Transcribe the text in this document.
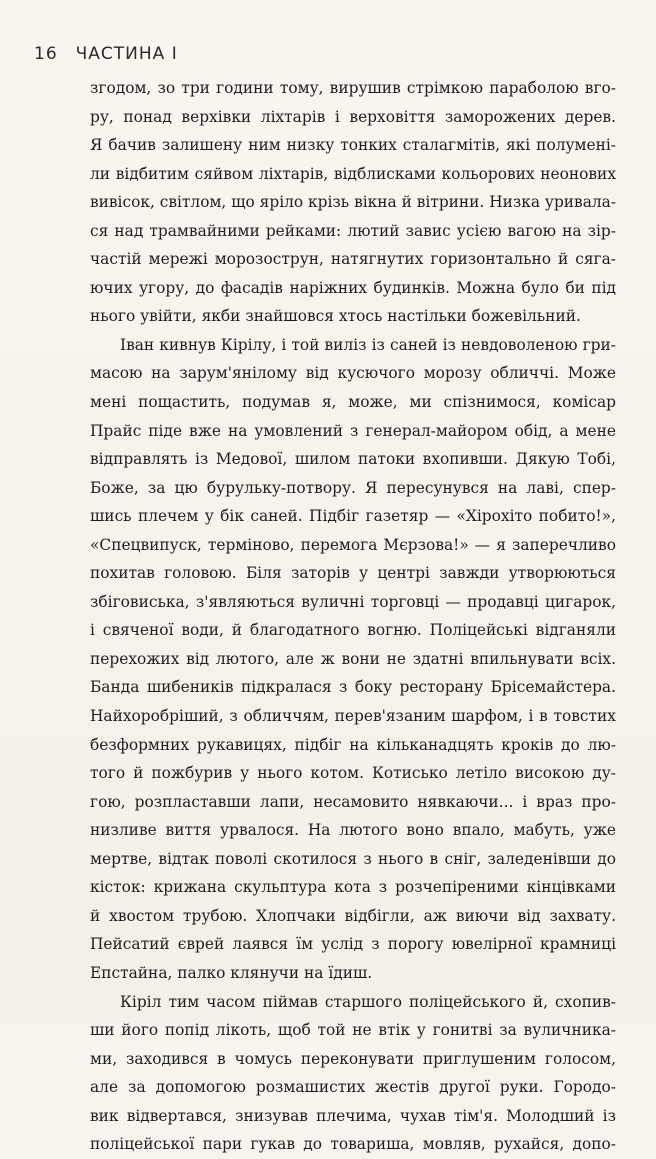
16 ЧАСТИНА І
згодом, зо три години тому, вирушив стрімкою параболою вго-
ру, понад верхівки ліхтарів і верховіття заморожених дерев.
Я бачив залишену ним низку тонких сталагмітів, які полумені-
ли відбитим сяйвом ліхтарів, відблисками кольорових неонових
вивісок, світлом, що яріло крізь вікна й вітрини. Низка уривала-
ся над трамвайними рейками: лютий завис усією вагою на зір-
частій мережі морозострун, натягнутих горизонтально й сяга-
ючих угору, до фасадів наріжних будинків. Можна було би під
нього увійти, якби знайшовся хтось настільки божевільний.
Іван кивнув Кірілу, і той виліз із саней із невдоволеною гри-
масою на зарум'янілому від кусючого морозу обличчі. Може
мені пощастить, подумав я, може, ми спізнимося, комісар
Прайс піде вже на умовлений з генерал-майором обід, а мене
відправлять із Медової, шилом патоки вхопивши. Дякую Тобі,
Боже, за цю бурульку-потвору. Я пересунувся на лаві, спер-
шись плечем у бік саней. Підбіг газетяр — «Хірохіто побито!»,
«Спецвипуск, терміново, перемога Мєрзова!» — я заперечливо
похитав головою. Біля заторів у центрі завжди утворюються
збіговиська, з'являються вуличні торговці — продавці цигарок,
і свяченої води, й благодатного вогню. Поліцейські відганяли
перехожих від лютого, але ж вони не здатні впильнувати всіх.
Банда шибеників підкралася з боку ресторану Брісемайстера.
Найхоробріший, з обличчям, перев'язаним шарфом, і в товстих
безформних рукавицях, підбіг на кільканадцять кроків до лю-
того й пожбурив у нього котом. Котисько летіло високою ду-
гою, розпластавши лапи, несамовито нявкаючи... і враз про-
низливе виття урвалося. На лютого воно впало, мабуть, уже
мертве, відтак поволі скотилося з нього в сніг, заледенівши до
кісток: крижана скульптура кота з розчепіреними кінцівками
й хвостом трубою. Хлопчаки відбігли, аж виючи від захвату.
Пейсатий єврей лаявся їм услід з порогу ювелірної крамниці
Епстайна, палко клянучи на їдиш.
Кіріл тим часом піймав старшого поліцейського й, схопив-
ши його попід лікоть, щоб той не втік у гонитві за вуличника-
ми, заходився в чомусь переконувати приглушеним голосом,
але за допомогою розмашистих жестів другої руки. Городо-
вик відвертався, знизував плечима, чухав тім'я. Молодший із
поліцейської пари гукав до товариша, мовляв, рухайся, допо-
